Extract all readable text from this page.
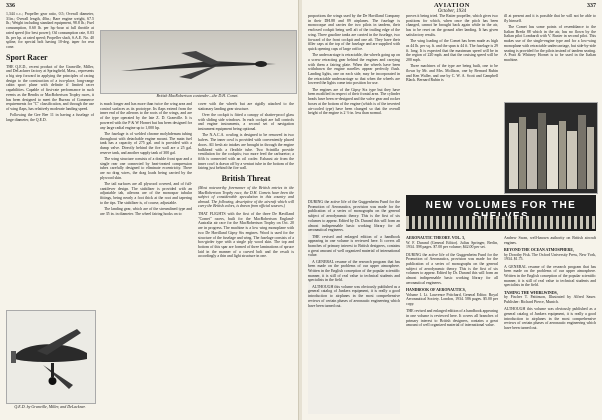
336

1,344 c.c.; Propeller gear ratio, 0.5; Overall diameter, 31in.; Overall length, 40in.; Bare engine weight, 67.5 lb.; Weight including standard equipment, 98.8 lb.; Fuel consumption, 0.60 lb. per hp.-hour at full throttle at rated speed (for best power); Oil consumption rate, 0.03 lb. per hp. at rated speed; Propeller shaft, S.A.E. No. 40 spline, for special bolt having 10-deg. taper for rear cone.

Sport Racer

THE Q.E.D., recent product of the Granville, Miller, and DeLackner factory at Springfield, Mass., represents a big step forward in applying the principles of racing design to the construction of a two-place, long-range cabin sport plane with definite if limited racer capabilities. Capable of first-rate performance in such events as the Bendix or MacRobertson Trophy races, it has been designed to meet the Bureau of Commerce requirements for "C" classification, and through the use of wing flaps, has relatively moderate landing speed.

Following the Gee Bee 11 in having a fuselage of large diameter, the Q.E.D.

British MacRobertson contender—the D.H. Comet.

is much longer and has more than twice the wing area and control surfaces as its prototype. Its flaps extend from the inner end of the ailerons to the roots of the wings, and are of the type operated by the late Z. D. Granville. It is powered with the P & W Hornet but has been designed for any large radial engine up to 1,000 hp.

The fuselage is of welded chrome molybdenum tubing throughout with detachable engine mount. The main fuel tank has a capacity of 275 gal. and is provided with a dump valve. Directly behind the fire wall are a 25 gal. reserve tank, and another supply tank of 300 gal.

The wing structure consists of a double front spar and a single rear one connected by heat-treated compression tubes carefully designed to eliminate eccentricity. There are no drag wires, the drag loads being carried by the plywood skin.

The tail surfaces are all plywood covered, and of full-cantilever design. The stabilizer is provided with an adjustable tab, ailerons are of the monospar tubular fittings, being nearly a foot thick at the root and tapering to the tips. The stabilizer is, of course, adjustable.

The landing gear, which are of the streamlined type and are 35 in. in diameter. The wheel fairing hooks on to

cover with the wheels but are rigidly attached to the stationary landing gear structure.

Over the cockpit is fitted a canopy of shatter-proof glass with sliding side windows. In each cockpit are full controls and engine instruments, a second set of navigation instrument equipment being optional.

The N.A.C.A. cowling is designed to be removed in two halves. The inner cowl is provided with conveniently placed doors. All fresh air intakes are brought in through the engine bulkhead with a flexible tube. Two Scintilla provide ventilation for the cockpits; two more feed the carburetor; a fifth is connected with an oil cooler. Exhaust air from the inner cowl is drawn off by a venturi tube in the bottom of the fairing just behind the fire wall.

British Threat
(Most noteworthy forerunner of the British entries in the MacRobertson Trophy race, the D.H. Comets have been the subject of considerable speculation in this country and abroad. The following, descriptive of the aircraft which will carry the British colors, is drawn from official sources.)

THAT FLIGHTS with the first of the three De Havilland "Comet" racers, built for the MacRobertson England-Australia air race for the MacRobertson Trophy on Oct. 20 are in progress. The machine is a low wing monoplane with two De Havilland Gipsy Six engines. Wood is used for the structure of the fuselage and wing. The fuselage consists of a box-girder type with a single ply wood skin. The top and bottom of this spar are formed of three laminations of spruce laid in the manner of a curved bolt and the result is accordingly a thin and light structure in one.

Q.E.D. by Granville, Miller, and DeLackner.
AVIATION
October, 1934
337

proportions the wings used by the De Havilland Company in their DH.88 and 89 airplanes. The fuselage is monocoque and carries the two pilots in tandem, their enclosed cockpit being well aft of the trailing edge of the wing. Three gasoline tanks are carried in the fuselage, two forward of the front cockpit and one aft. They have their filler caps at the top of the fuselage and are supplied with quick opening caps of large orifice.

The undercarriage is retractable, the wheels going up on a screw retracting gear behind the engines and carrying with them a fairing plate. When the wheels have been withdrawn the engine nacelles appear perfectly flush. Landing lights, one on each side, may be incorporated in the retractable undercarriage so that when the wheels are lowered the lights come into position for use.

The engines are of the Gipsy Six type but they have been modified in respect of their frontal area. The cylinder heads have been re-designed and the valve gear and rocker boxes at the bottom of the engine (which is of the inverted air-cooled type) have been changed so that the overall height of the engine is 2 ½ in. less than normal.

proves it being tried. The Ratier propeller, which gives two positions for which, when once the pitch has been changed, cannot be brought back again while in the air, has to be reset on the ground after landing. It has given satisfactory results.

The wing loading of the Comet has been made as high as 44 lb. per sq. ft. and the span is 44 ft. The fuselage is 29 ft. long. It is expected that the maximum speed will be in the region of 220 mph. and that the cruising speed will be 200 mph.

Three machines of the type are being built, one to be flown by Mr. and Mrs. Mollison, one by Bernard Rubin and Ken Waller, and one by C. W. A. Scott and Campbell Black. Bernard Rubin is

ill at present and it is possible that he will not be able to fly himself.

The Comet has some points of resemblance to the Italian Breda 88 which in the air, has no flown by the Italian pilot Lombardi with V. Ruster in second pilot. This makes use of the single-engine type and for a low-wing monoplane with retractable undercarriage, but side-by-side seating is provided for the pilots instead of tandem seating. A Pratt & Whitney Hornet is to be used in the Italian machine.

NEW VOLUMES FOR THE
AERONAUTIC THEORY. VOL. 3,
W. F. Durand (General Editor). Julius Springer, Berlin, 1934. 398 pages. $7.00 per volume; $42.00 per set.
DURING the active life of the Guggenheim Fund for the Promotion of Aeronautics, provision was made for the publication of a series of monographs on the general subject of aerodynamic theory. This is the first of six volumes to appear. Edited by Dr. Durand this will form an almost indispensable basic working library for all aeronautical engineers.
HANDBOOK OF AERONAUTICS,
Volume 1. Lt. Lawrence Pritchard, General Editor. Royal Aeronautical Society. London, 1934. 586 pages. $5.00 per copy.
THE revised and enlarged edition of a handbook appearing in one volume is reviewed here. It covers all branches of primary interest to British designers, contains a great amount of well organized material of international value.
Andrew Swan, well-known authority on British aircraft engines.
BEYOND THE OCEAN ATMOSPHERE,
by Dorothy Fisk. The Oxford University Press, New York, 1934. $1.75.
A GENERAL resume of the research program that has been made on the problems of our upper atmosphere. Written in the English conception of the popular scientific manner, it is still of real value to technical students and specialists in the field.
TAMING THE WHIRLWINDS,
by Fischer T. Pattinson, Illustrated by Alfred Sauer. Publisher: Richard Pierce, Munich.
ALTHOUGH this volume was obviously published as a general catalog of Junkers equipment, it is really a good introduction to airplanes in the most comprehensive reviews of certain phases of aeronautic engineering which have been turned out.

DURING the active life of the Guggenheim Fund for the Promotion of Aeronautics, provision was made for the publication of a series of monographs on the general subject of aerodynamic theory. This is the first of six volumes to appear. Edited by Dr. Durand this will form an almost indispensable basic working library for all aeronautical engineers.

THE revised and enlarged edition of a handbook appearing in one volume is reviewed here. It covers all branches of primary interest to British designers, contains a great amount of well organized material of international value.

A GENERAL resume of the research program that has been made on the problems of our upper atmosphere. Written in the English conception of the popular scientific manner, it is still of real value to technical students and specialists in the field.

ALTHOUGH this volume was obviously published as a general catalog of Junkers equipment, it is really a good introduction to airplanes in the most comprehensive reviews of certain phases of aeronautic engineering which have been turned out.
